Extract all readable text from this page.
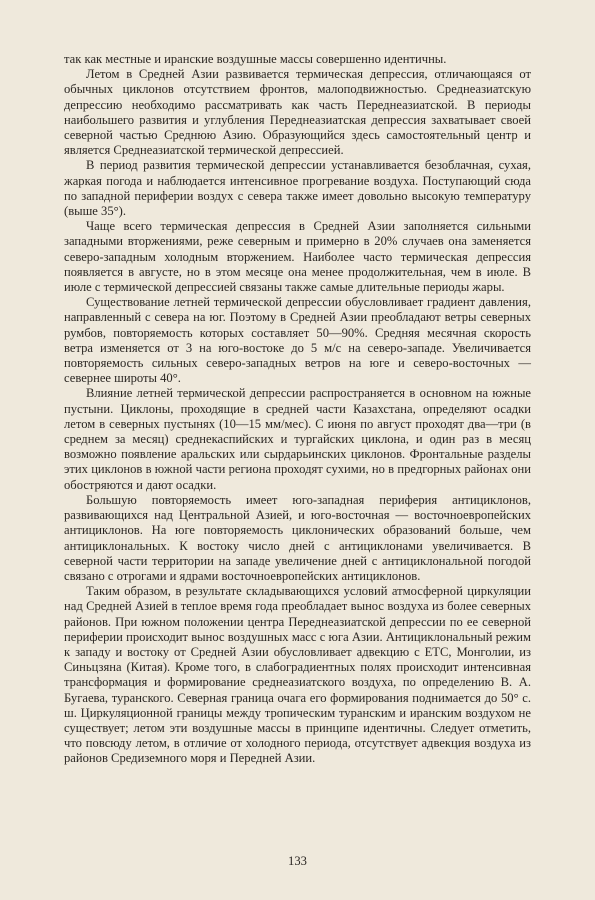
так как местные и иранские воздушные массы совершенно идентичны.

Летом в Средней Азии развивается термическая депрессия, отличающаяся от обычных циклонов отсутствием фронтов, малоподвижностью. Среднеазиатскую депрессию необходимо рассматривать как часть Переднеазиатской. В периоды наибольшего развития и углубления Переднеазиатская депрессия захватывает своей северной частью Среднюю Азию. Образующийся здесь самостоятельный центр и является Среднеазиатской термической депрессией.

В период развития термической депрессии устанавливается безоблачная, сухая, жаркая погода и наблюдается интенсивное прогревание воздуха. Поступающий сюда по западной периферии воздух с севера также имеет довольно высокую температуру (выше 35°).

Чаще всего термическая депрессия в Средней Азии заполняется сильными западными вторжениями, реже северным и примерно в 20% случаев она заменяется северо-западным холодным вторжением. Наиболее часто термическая депрессия появляется в августе, но в этом месяце она менее продолжительная, чем в июле. В июле с термической депрессией связаны также самые длительные периоды жары.

Существование летней термической депрессии обусловливает градиент давления, направленный с севера на юг. Поэтому в Средней Азии преобладают ветры северных румбов, повторяемость которых составляет 50—90%. Средняя месячная скорость ветра изменяется от 3 на юго-востоке до 5 м/с на северо-западе. Увеличивается повторяемость сильных северо-западных ветров на юге и северо-восточных — севернее широты 40°.

Влияние летней термической депрессии распространяется в основном на южные пустыни. Циклоны, проходящие в средней части Казахстана, определяют осадки летом в северных пустынях (10—15 мм/мес). С июня по август проходят два—три (в среднем за месяц) среднекаспийских и тургайских циклона, и один раз в месяц возможно появление аральских или сырдарьинских циклонов. Фронтальные разделы этих циклонов в южной части региона проходят сухими, но в предгорных районах они обостряются и дают осадки.

Большую повторяемость имеет юго-западная периферия антициклонов, развивающихся над Центральной Азией, и юго-восточная — восточноевропейских антициклонов. На юге повторяемость циклонических образований больше, чем антициклональных. К востоку число дней с антициклонами увеличивается. В северной части территории на западе увеличение дней с антициклональной погодой связано с отрогами и ядрами восточноевропейских антициклонов.

Таким образом, в результате складывающихся условий атмосферной циркуляции над Средней Азией в теплое время года преобладает вынос воздуха из более северных районов. При южном положении центра Переднеазиатской депрессии по ее северной периферии происходит вынос воздушных масс с юга Азии. Антициклональный режим к западу и востоку от Средней Азии обусловливает адвекцию с ЕТС, Монголии, из Синьцзяна (Китая). Кроме того, в слабоградиентных полях происходит интенсивная трансформация и формирование среднеазиатского воздуха, по определению В. А. Бугаева, туранского. Северная граница очага его формирования поднимается до 50° с. ш. Циркуляционной границы между тропическим туранским и иранским воздухом не существует; летом эти воздушные массы в принципе идентичны. Следует отметить, что повсюду летом, в отличие от холодного периода, отсутствует адвекция воздуха из районов Средиземного моря и Передней Азии.

133
